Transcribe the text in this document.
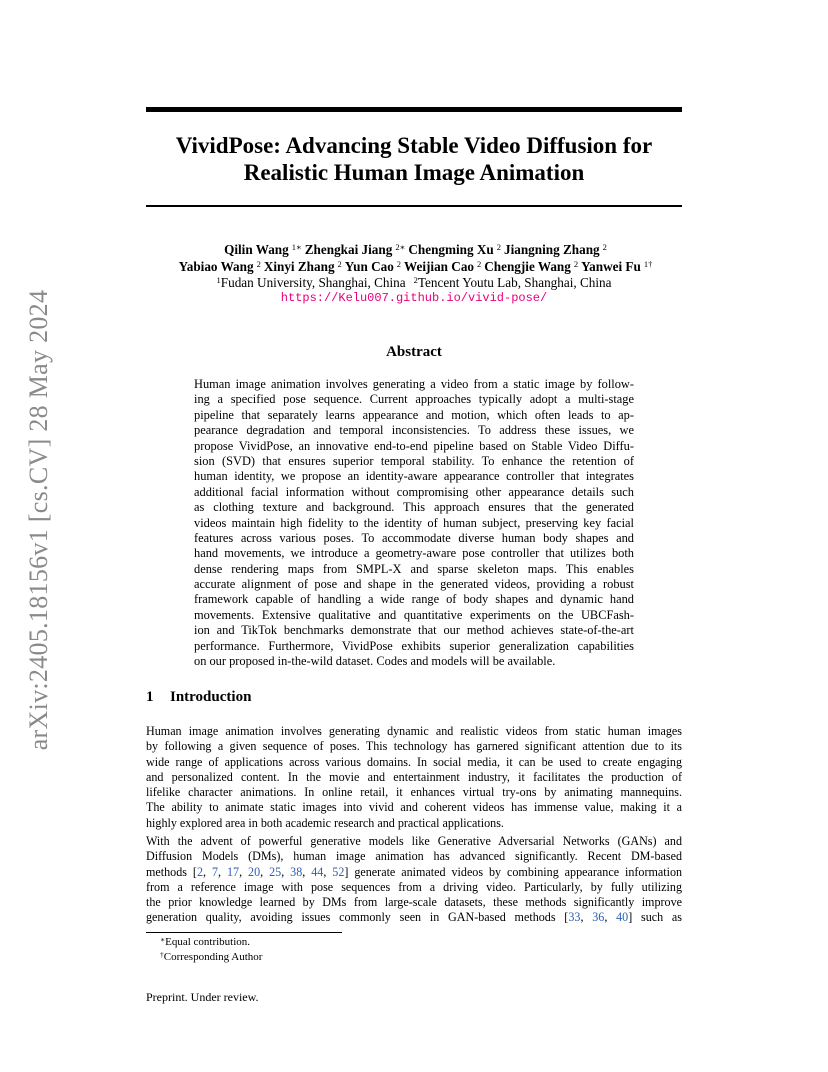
arXiv:2405.18156v1 [cs.CV] 28 May 2024
VividPose: Advancing Stable Video Diffusion for
Realistic Human Image Animation
Qilin Wang $^{1∗}$ Zhengkai Jiang $^{2∗}$ Chengming Xu $^2$ Jiangning Zhang $^2$
Yabiao Wang $^2$ Xinyi Zhang $^2$ Yun Cao $^2$ Weijian Cao $^2$ Chengjie Wang $^2$ Yanwei Fu $^{1\dagger}$
$^1$Fudan University, Shanghai, China $^2$Tencent Youtu Lab, Shanghai, China
https://Kelu007.github.io/vivid-pose/
Abstract
Human image animation involves generating a video from a static image by follow-
ing a specified pose sequence. Current approaches typically adopt a multi-stage
pipeline that separately learns appearance and motion, which often leads to ap-
pearance degradation and temporal inconsistencies. To address these issues, we
propose VividPose, an innovative end-to-end pipeline based on Stable Video Diffu-
sion (SVD) that ensures superior temporal stability. To enhance the retention of
human identity, we propose an identity-aware appearance controller that integrates
additional facial information without compromising other appearance details such
as clothing texture and background. This approach ensures that the generated
videos maintain high fidelity to the identity of human subject, preserving key facial
features across various poses. To accommodate diverse human body shapes and
hand movements, we introduce a geometry-aware pose controller that utilizes both
dense rendering maps from SMPL-X and sparse skeleton maps. This enables
accurate alignment of pose and shape in the generated videos, providing a robust
framework capable of handling a wide range of body shapes and dynamic hand
movements. Extensive qualitative and quantitative experiments on the UBCFash-
ion and TikTok benchmarks demonstrate that our method achieves state-of-the-art
performance. Furthermore, VividPose exhibits superior generalization capabilities
on our proposed in-the-wild dataset. Codes and models will be available.
1 Introduction
Human image animation involves generating dynamic and realistic videos from static human images
by following a given sequence of poses. This technology has garnered significant attention due to its
wide range of applications across various domains. In social media, it can be used to create engaging
and personalized content. In the movie and entertainment industry, it facilitates the production of
lifelike character animations. In online retail, it enhances virtual try-ons by animating mannequins.
The ability to animate static images into vivid and coherent videos has immense value, making it a
highly explored area in both academic research and practical applications.
With the advent of powerful generative models like Generative Adversarial Networks (GANs) and
Diffusion Models (DMs), human image animation has advanced significantly. Recent DM-based
methods [2, 7, 17, 20, 25, 38, 44, 52] generate animated videos by combining appearance information
from a reference image with pose sequences from a driving video. Particularly, by fully utilizing
the prior knowledge learned by DMs from large-scale datasets, these methods significantly improve
generation quality, avoiding issues commonly seen in GAN-based methods [33, 36, 40] such as
∗Equal contribution.
†Corresponding Author
Preprint. Under review.
